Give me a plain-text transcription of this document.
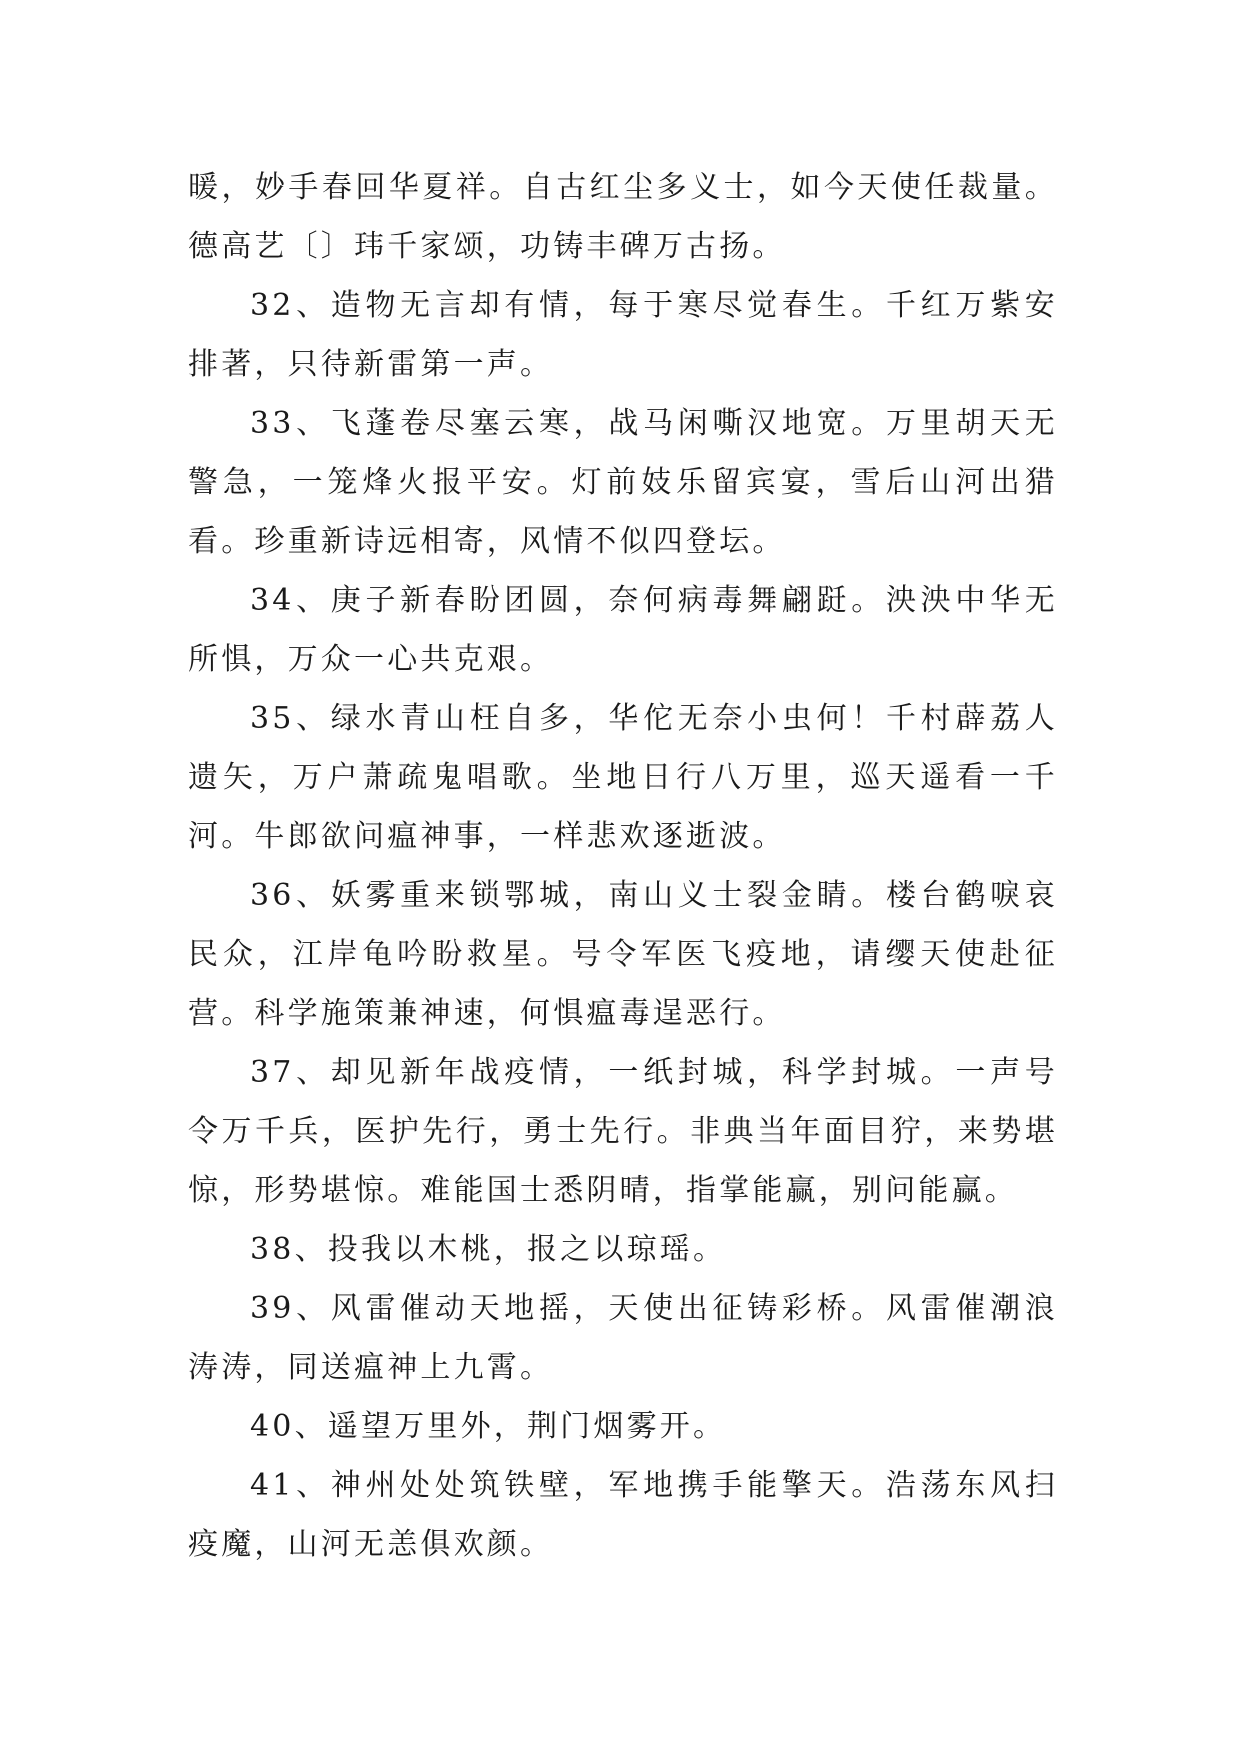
暖，妙手春回华夏祥。自古红尘多义士，如今天使任裁量。德高艺〔〕玮千家颂，功铸丰碑万古扬。

32、造物无言却有情，每于寒尽觉春生。千红万紫安排著，只待新雷第一声。

33、飞蓬卷尽塞云寒，战马闲嘶汉地宽。万里胡天无警急，一笼烽火报平安。灯前妓乐留宾宴，雪后山河出猎看。珍重新诗远相寄，风情不似四登坛。

34、庚子新春盼团圆，奈何病毒舞翩跹。泱泱中华无所惧，万众一心共克艰。

35、绿水青山枉自多，华佗无奈小虫何！千村薜荔人遗矢，万户萧疏鬼唱歌。坐地日行八万里，巡天遥看一千河。牛郎欲问瘟神事，一样悲欢逐逝波。

36、妖雾重来锁鄂城，南山义士裂金睛。楼台鹤唳哀民众，江岸龟吟盼救星。号令军医飞疫地，请缨天使赴征营。科学施策兼神速，何惧瘟毒逞恶行。

37、却见新年战疫情，一纸封城，科学封城。一声号令万千兵，医护先行，勇士先行。非典当年面目狞，来势堪惊，形势堪惊。难能国士悉阴晴，指掌能赢，别问能赢。

38、投我以木桃，报之以琼瑶。

39、风雷催动天地摇，天使出征铸彩桥。风雷催潮浪涛涛，同送瘟神上九霄。

40、遥望万里外，荆门烟雾开。

41、神州处处筑铁壁，军地携手能擎天。浩荡东风扫疫魔，山河无恙俱欢颜。
